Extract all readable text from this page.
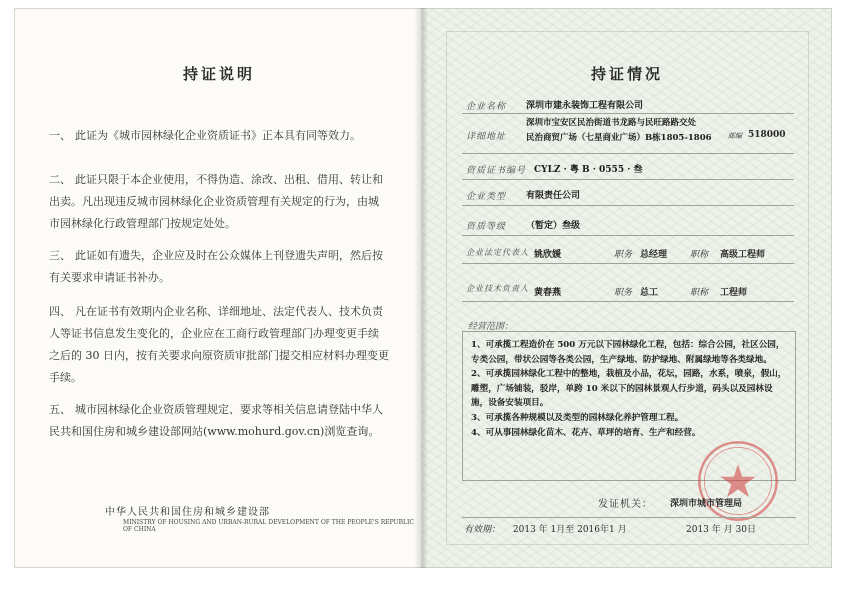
持证说明
一、 此证为《城市园林绿化企业资质证书》正本具有同等效力。
二、 此证只限于本企业使用，不得伪造、涂改、出租、借用、转让和出卖。凡出现违反城市园林绿化企业资质管理有关规定的行为，由城市园林绿化行政管理部门按规定处处。
三、 此证如有遗失，企业应及时在公众媒体上刊登遗失声明，然后按有关要求申请证书补办。
四、 凡在证书有效期内企业名称、详细地址、法定代表人、技术负责人等证书信息发生变化的，企业应在工商行政管理部门办理变更手续之后的 30 日内，按有关要求向原资质审批部门提交相应材料办理变更手续。
五、 城市园林绿化企业资质管理规定、要求等相关信息请登陆中华人民共和国住房和城乡建设部网站(www.mohurd.gov.cn)浏览查询。
中华人民共和国住房和城乡建设部
MINISTRY OF HOUSING AND URBAN-RURAL DEVELOPMENT OF THE PEOPLE'S REPUBLIC OF CHINA
持证情况
企业名称 深圳市建永装饰工程有限公司
详细地址
深圳市宝安区民治街道书龙路与民旺路路交处
民治商贸广场（七星商业广场）B栋1805-1806 邮编 518000
资质证书编号 CYLZ · 粤 B · 0555 · 叁
企业类型 有限责任公司
资质等级 （暂定）叁级
企业法定代表人 姚欣媛	职务 总经理	职称 高级工程师
企业技术负责人 黄春燕	职务 总工	职称 工程师
经营范围：
1、可承揽工程造价在 500 万元以下园林绿化工程，包括：综合公园，社区公园，专类公园，带状公园等各类公园，生产绿地、防护绿地、附属绿地等各类绿地。
2、可承揽园林绿化工程中的整地，栽植及小品，花坛，园路，水系，喷泉，假山，雕塑，广场铺装，驳岸，单跨 10 米以下的园林景观人行步道，码头以及园林设施，设备安装项目。
3、可承揽各种规模以及类型的园林绿化养护管理工程。
4、可从事园林绿化苗木、花卉、草坪的培育、生产和经营。
发证机关： 深圳市城市管理局
有效期： 2013 年 1月至 2016年1 月	2013 年 月 30日
